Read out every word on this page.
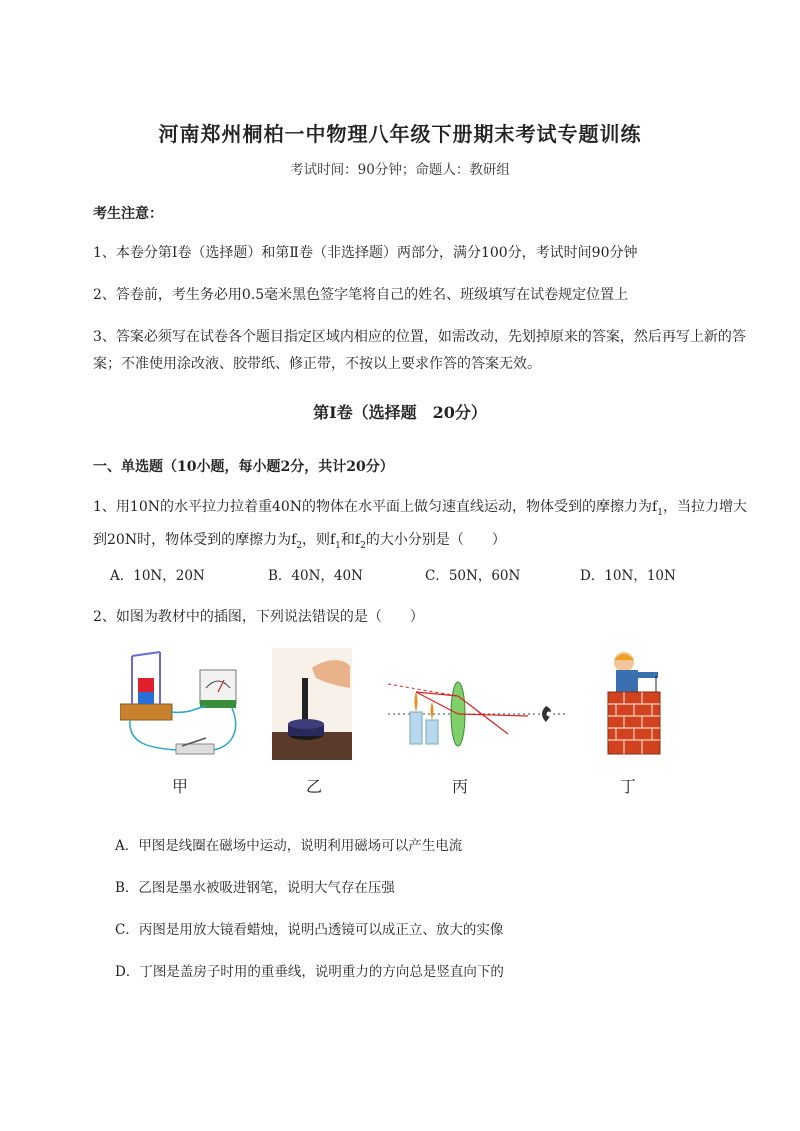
河南郑州桐柏一中物理八年级下册期末考试专题训练
考试时间：90分钟；命题人：教研组
考生注意：
1、本卷分第I卷（选择题）和第Ⅱ卷（非选择题）两部分，满分100分，考试时间90分钟
2、答卷前，考生务必用0.5毫米黑色签字笔将自己的姓名、班级填写在试卷规定位置上
3、答案必须写在试卷各个题目指定区域内相应的位置，如需改动，先划掉原来的答案，然后再写上新的答案；不准使用涂改液、胶带纸、修正带，不按以上要求作答的答案无效。
第I卷（选择题　20分）
一、单选题（10小题，每小题2分，共计20分）
1、用10N的水平拉力拉着重40N的物体在水平面上做匀速直线运动，物体受到的摩擦力为$f_1$，当拉力增大到20N时，物体受到的摩擦力为$f_2$，则$f_1$和$f_2$的大小分别是（　　）
A．10N，20N	B．40N，40N	C．50N，60N	D．10N，10N
2、如图为教材中的插图，下列说法错误的是（　　）
甲	乙	丙	丁
A．甲图是线圈在磁场中运动，说明利用磁场可以产生电流
B．乙图是墨水被吸进钢笔，说明大气存在压强
C．丙图是用放大镜看蜡烛，说明凸透镜可以成正立、放大的实像
D．丁图是盖房子时用的重垂线，说明重力的方向总是竖直向下的
